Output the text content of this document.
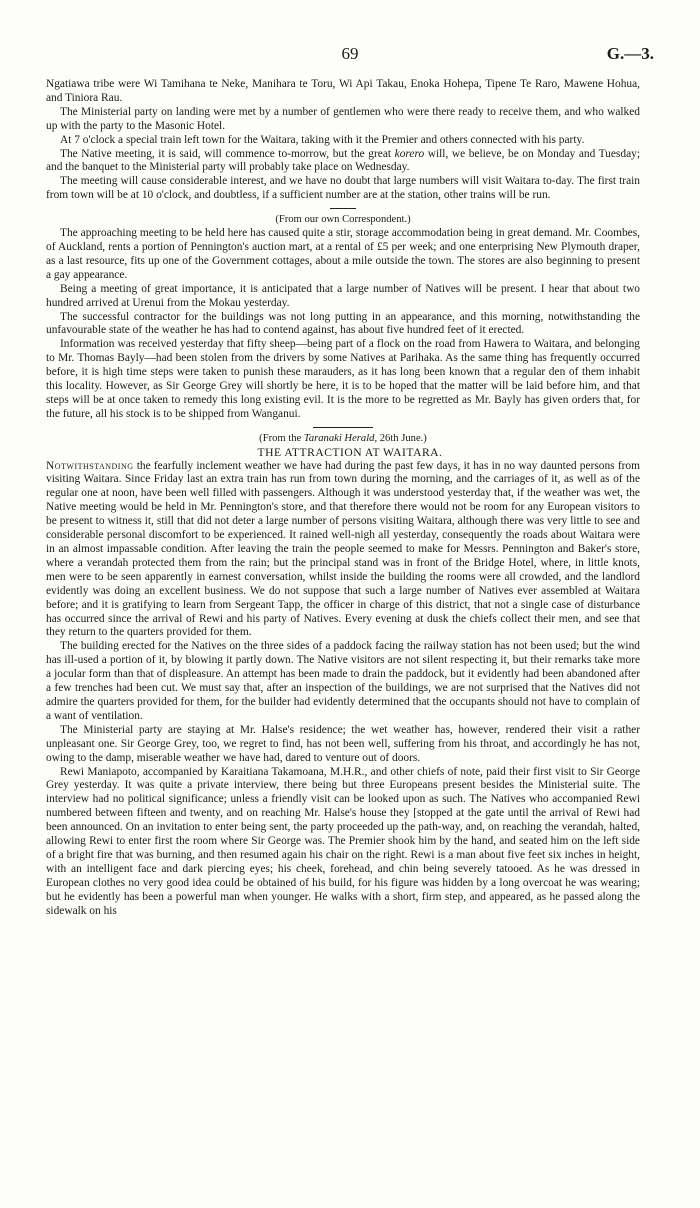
69	G.—3.

Ngatiawa tribe were Wi Tamihana te Neke, Manihara te Toru, Wi Api Takau, Enoka Hohepa, Tipene Te Raro, Mawene Hohua, and Tiniora Rau.

The Ministerial party on landing were met by a number of gentlemen who were there ready to receive them, and who walked up with the party to the Masonic Hotel.

At 7 o'clock a special train left town for the Waitara, taking with it the Premier and others connected with his party.

The Native meeting, it is said, will commence to-morrow, but the great korero will, we believe, be on Monday and Tuesday; and the banquet to the Ministerial party will probably take place on Wednesday.

The meeting will cause considerable interest, and we have no doubt that large numbers will visit Waitara to-day. The first train from town will be at 10 o'clock, and doubtless, if a sufficient number are at the station, other trains will be run.

(From our own Correspondent.)

The approaching meeting to be held here has caused quite a stir, storage accommodation being in great demand. Mr. Coombes, of Auckland, rents a portion of Pennington's auction mart, at a rental of £5 per week; and one enterprising New Plymouth draper, as a last resource, fits up one of the Government cottages, about a mile outside the town. The stores are also beginning to present a gay appearance.

Being a meeting of great importance, it is anticipated that a large number of Natives will be present. I hear that about two hundred arrived at Urenui from the Mokau yesterday.

The successful contractor for the buildings was not long putting in an appearance, and this morning, notwithstanding the unfavourable state of the weather he has had to contend against, has about five hundred feet of it erected.

Information was received yesterday that fifty sheep—being part of a flock on the road from Hawera to Waitara, and belonging to Mr. Thomas Bayly—had been stolen from the drivers by some Natives at Parihaka. As the same thing has frequently occurred before, it is high time steps were taken to punish these marauders, as it has long been known that a regular den of them inhabit this locality. However, as Sir George Grey will shortly be here, it is to be hoped that the matter will be laid before him, and that steps will be at once taken to remedy this long existing evil. It is the more to be regretted as Mr. Bayly has given orders that, for the future, all his stock is to be shipped from Wanganui.

(From the Taranaki Herald, 26th June.)

THE ATTRACTION AT WAITARA.

Notwithstanding the fearfully inclement weather we have had during the past few days, it has in no way daunted persons from visiting Waitara. Since Friday last an extra train has run from town during the morning, and the carriages of it, as well as of the regular one at noon, have been well filled with passengers. Although it was understood yesterday that, if the weather was wet, the Native meeting would be held in Mr. Pennington's store, and that therefore there would not be room for any European visitors to be present to witness it, still that did not deter a large number of persons visiting Waitara, although there was very little to see and considerable personal discomfort to be experienced. It rained well-nigh all yesterday, consequently the roads about Waitara were in an almost impassable condition. After leaving the train the people seemed to make for Messrs. Pennington and Baker's store, where a verandah protected them from the rain; but the principal stand was in front of the Bridge Hotel, where, in little knots, men were to be seen apparently in earnest conversation, whilst inside the building the rooms were all crowded, and the landlord evidently was doing an excellent business. We do not suppose that such a large number of Natives ever assembled at Waitara before; and it is gratifying to learn from Sergeant Tapp, the officer in charge of this district, that not a single case of disturbance has occurred since the arrival of Rewi and his party of Natives. Every evening at dusk the chiefs collect their men, and see that they return to the quarters provided for them.

The building erected for the Natives on the three sides of a paddock facing the railway station has not been used; but the wind has ill-used a portion of it, by blowing it partly down. The Native visitors are not silent respecting it, but their remarks take more a jocular form than that of displeasure. An attempt has been made to drain the paddock, but it evidently had been abandoned after a few trenches had been cut. We must say that, after an inspection of the buildings, we are not surprised that the Natives did not admire the quarters provided for them, for the builder had evidently determined that the occupants should not have to complain of a want of ventilation.

The Ministerial party are staying at Mr. Halse's residence; the wet weather has, however, rendered their visit a rather unpleasant one. Sir George Grey, too, we regret to find, has not been well, suffering from his throat, and accordingly he has not, owing to the damp, miserable weather we have had, dared to venture out of doors.

Rewi Maniapoto, accompanied by Karaitiana Takamoana, M.H.R., and other chiefs of note, paid their first visit to Sir George Grey yesterday. It was quite a private interview, there being but three Europeans present besides the Ministerial suite. The interview had no political significance; unless a friendly visit can be looked upon as such. The Natives who accompanied Rewi numbered between fifteen and twenty, and on reaching Mr. Halse's house they [stopped at the gate until the arrival of Rewi had been announced. On an invitation to enter being sent, the party proceeded up the path-way, and, on reaching the verandah, halted, allowing Rewi to enter first the room where Sir George was. The Premier shook him by the hand, and seated him on the left side of a bright fire that was burning, and then resumed again his chair on the right. Rewi is a man about five feet six inches in height, with an intelligent face and dark piercing eyes; his cheek, forehead, and chin being severely tatooed. As he was dressed in European clothes no very good idea could be obtained of his build, for his figure was hidden by a long overcoat he was wearing; but he evidently has been a powerful man when younger. He walks with a short, firm step, and appeared, as he passed along the sidewalk on his
